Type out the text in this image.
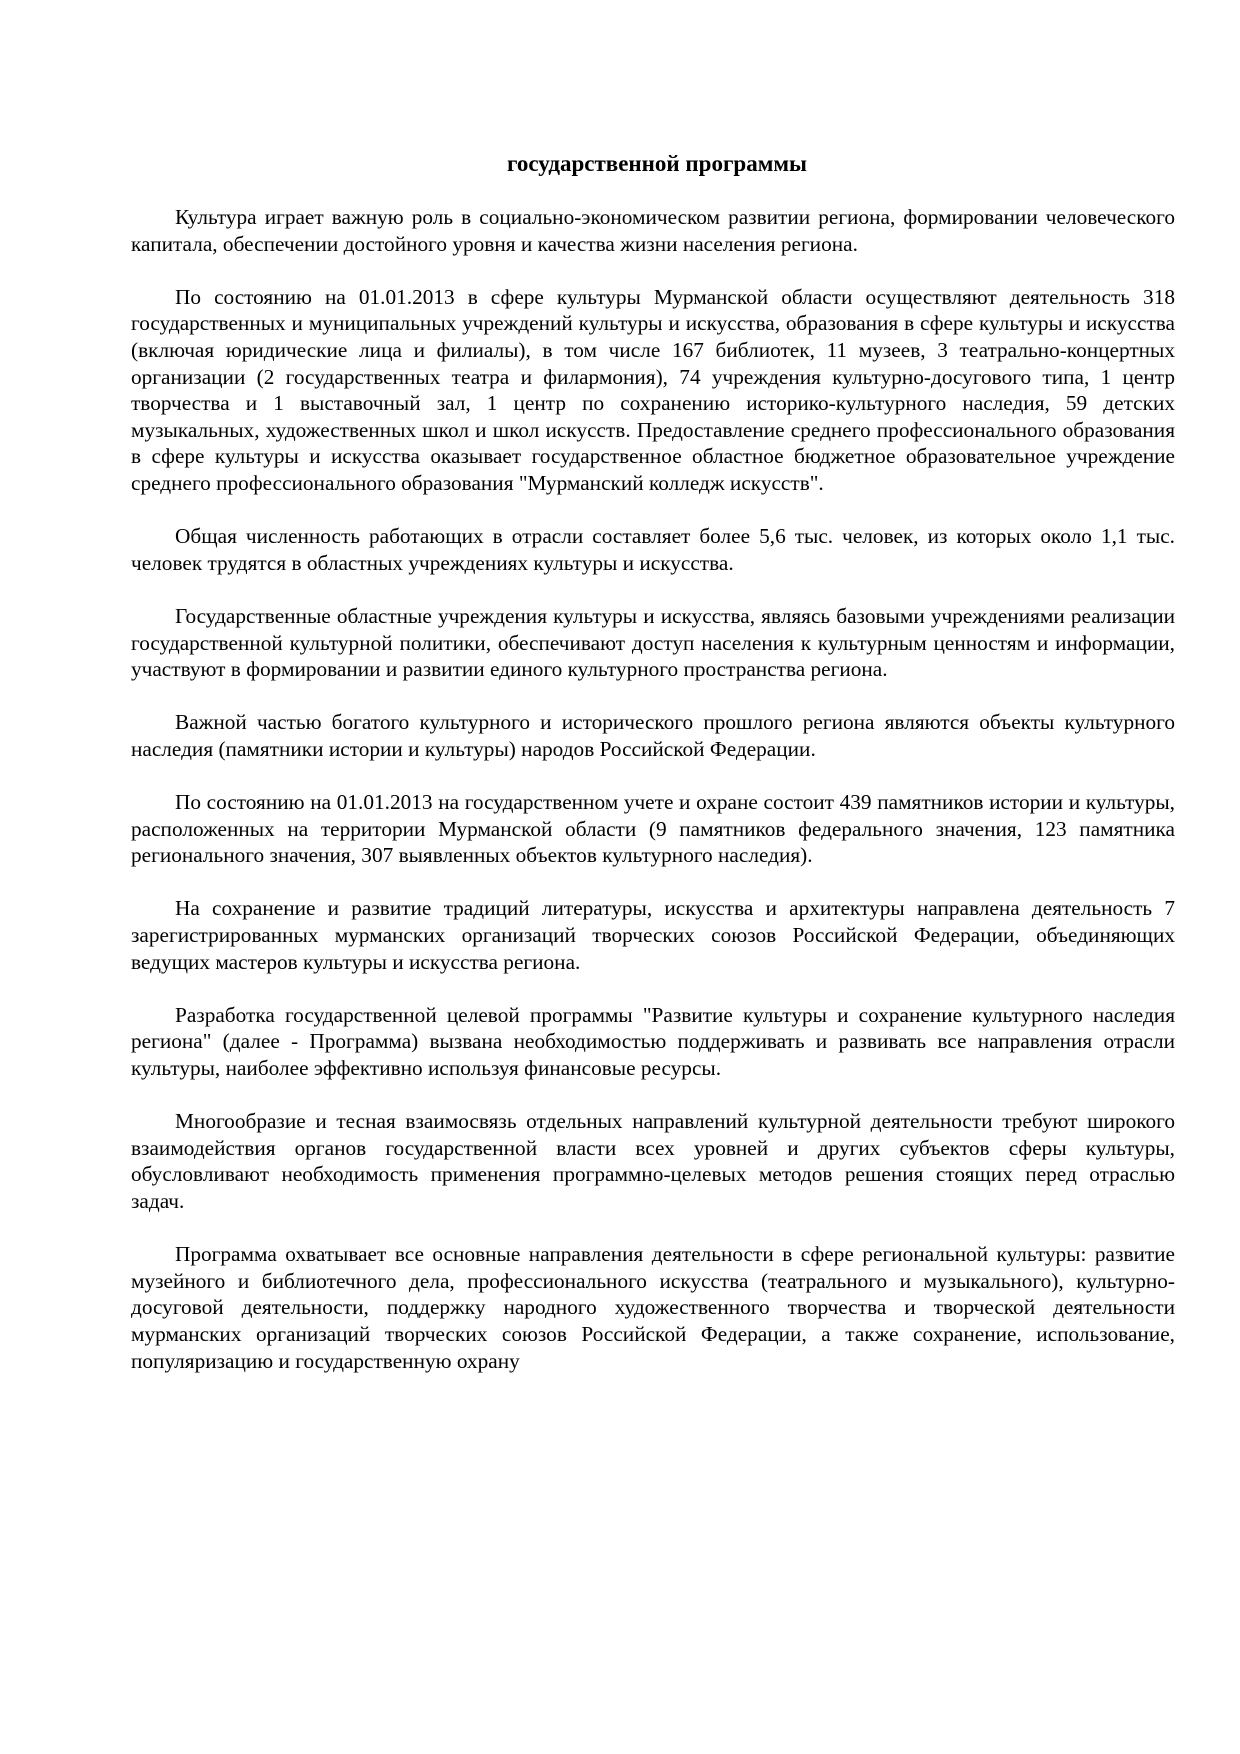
государственной программы

Культура играет важную роль в социально-экономическом развитии региона, формировании человеческого капитала, обеспечении достойного уровня и качества жизни населения региона.

По состоянию на 01.01.2013 в сфере культуры Мурманской области осуществляют деятельность 318 государственных и муниципальных учреждений культуры и искусства, образования в сфере культуры и искусства (включая юридические лица и филиалы), в том числе 167 библиотек, 11 музеев, 3 театрально-концертных организации (2 государственных театра и филармония), 74 учреждения культурно-досугового типа, 1 центр творчества и 1 выставочный зал, 1 центр по сохранению историко-культурного наследия, 59 детских музыкальных, художественных школ и школ искусств. Предоставление среднего профессионального образования в сфере культуры и искусства оказывает государственное областное бюджетное образовательное учреждение среднего профессионального образования "Мурманский колледж искусств".

Общая численность работающих в отрасли составляет более 5,6 тыс. человек, из которых около 1,1 тыс. человек трудятся в областных учреждениях культуры и искусства.

Государственные областные учреждения культуры и искусства, являясь базовыми учреждениями реализации государственной культурной политики, обеспечивают доступ населения к культурным ценностям и информации, участвуют в формировании и развитии единого культурного пространства региона.

Важной частью богатого культурного и исторического прошлого региона являются объекты культурного наследия (памятники истории и культуры) народов Российской Федерации.

По состоянию на 01.01.2013 на государственном учете и охране состоит 439 памятников истории и культуры, расположенных на территории Мурманской области (9 памятников федерального значения, 123 памятника регионального значения, 307 выявленных объектов культурного наследия).

На сохранение и развитие традиций литературы, искусства и архитектуры направлена деятельность 7 зарегистрированных мурманских организаций творческих союзов Российской Федерации, объединяющих ведущих мастеров культуры и искусства региона.

Разработка государственной целевой программы "Развитие культуры и сохранение культурного наследия региона" (далее - Программа) вызвана необходимостью поддерживать и развивать все направления отрасли культуры, наиболее эффективно используя финансовые ресурсы.

Многообразие и тесная взаимосвязь отдельных направлений культурной деятельности требуют широкого взаимодействия органов государственной власти всех уровней и других субъектов сферы культуры, обусловливают необходимость применения программно-целевых методов решения стоящих перед отраслью задач.

Программа охватывает все основные направления деятельности в сфере региональной культуры: развитие музейного и библиотечного дела, профессионального искусства (театрального и музыкального), культурно-досуговой деятельности, поддержку народного художественного творчества и творческой деятельности мурманских организаций творческих союзов Российской Федерации, а также сохранение, использование, популяризацию и государственную охрану
